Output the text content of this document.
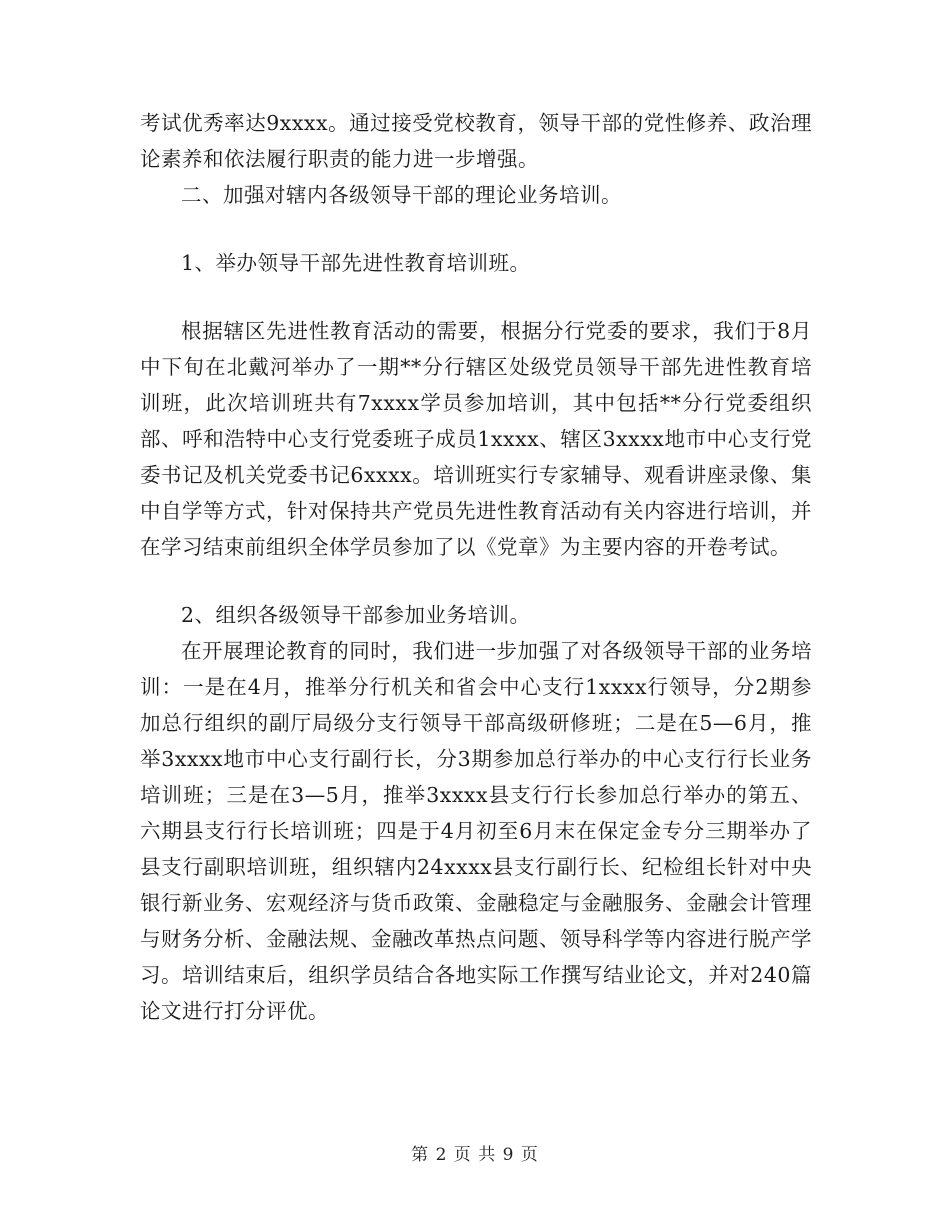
考试优秀率达9xxxx。通过接受党校教育，领导干部的党性修养、政治理论素养和依法履行职责的能力进一步增强。

二、加强对辖内各级领导干部的理论业务培训。

1、举办领导干部先进性教育培训班。

根据辖区先进性教育活动的需要，根据分行党委的要求，我们于8月中下旬在北戴河举办了一期**分行辖区处级党员领导干部先进性教育培训班，此次培训班共有7xxxx学员参加培训，其中包括**分行党委组织部、呼和浩特中心支行党委班子成员1xxxx、辖区3xxxx地市中心支行党委书记及机关党委书记6xxxx。培训班实行专家辅导、观看讲座录像、集中自学等方式，针对保持共产党员先进性教育活动有关内容进行培训，并在学习结束前组织全体学员参加了以《党章》为主要内容的开卷考试。

2、组织各级领导干部参加业务培训。

在开展理论教育的同时，我们进一步加强了对各级领导干部的业务培训：一是在4月，推举分行机关和省会中心支行1xxxx行领导，分2期参加总行组织的副厅局级分支行领导干部高级研修班；二是在5—6月，推举3xxxx地市中心支行副行长，分3期参加总行举办的中心支行行长业务培训班；三是在3—5月，推举3xxxx县支行行长参加总行举办的第五、六期县支行行长培训班；四是于4月初至6月末在保定金专分三期举办了县支行副职培训班，组织辖内24xxxx县支行副行长、纪检组长针对中央银行新业务、宏观经济与货币政策、金融稳定与金融服务、金融会计管理与财务分析、金融法规、金融改革热点问题、领导科学等内容进行脱产学习。培训结束后，组织学员结合各地实际工作撰写结业论文，并对240篇论文进行打分评优。

第 2 页 共 9 页
